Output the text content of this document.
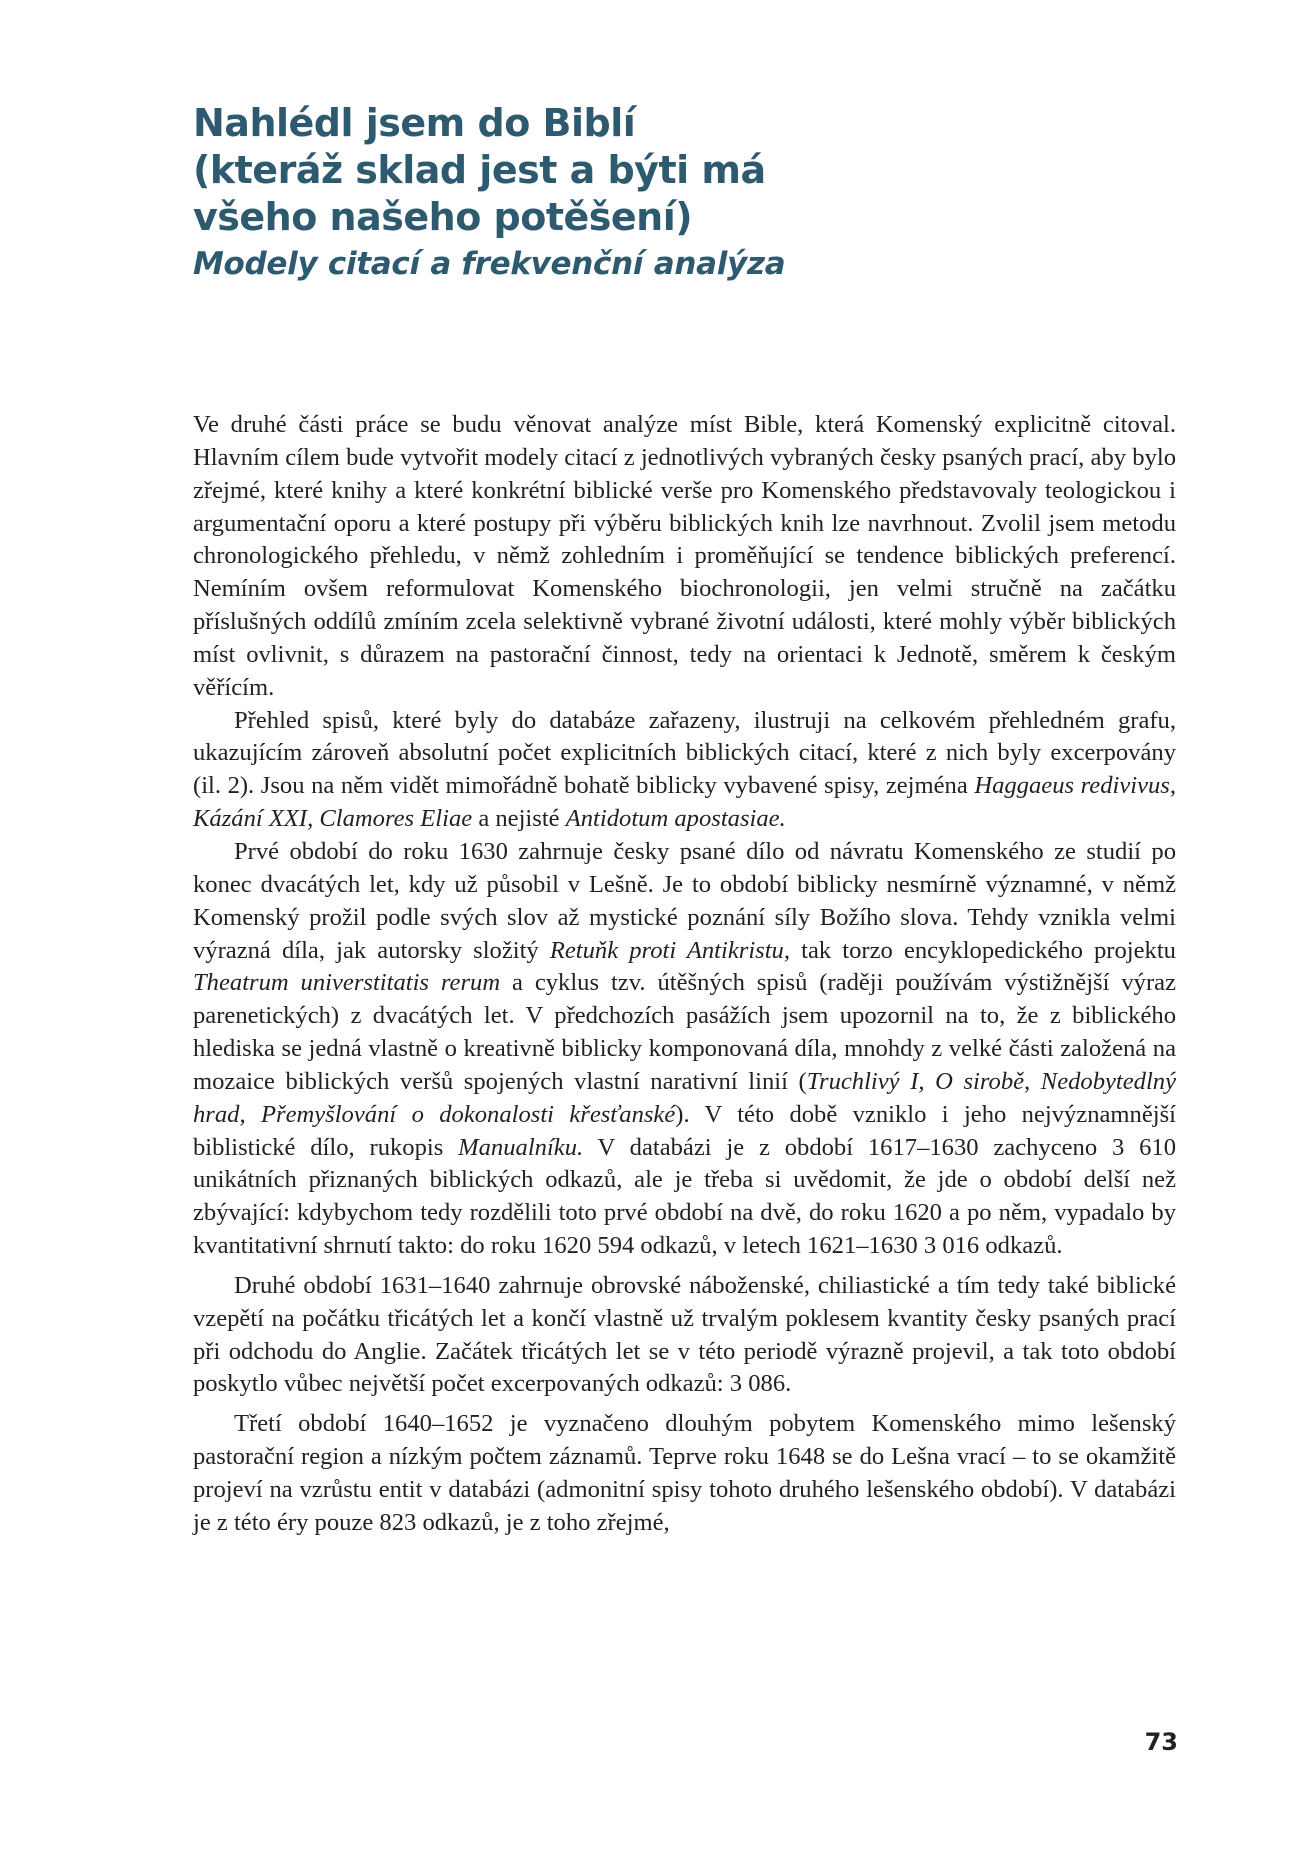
Nahlédl jsem do Biblí
(kteráž sklad jest a býti má
všeho našeho potěšení)
Modely citací a frekvenční analýza

Ve druhé části práce se budu věnovat analýze míst Bible, která Komenský explicitně citoval. Hlavním cílem bude vytvořit modely citací z jednotlivých vybraných česky psaných prací, aby bylo zřejmé, které knihy a které konkrétní biblické verše pro Komenského představovaly teologickou i argumentační oporu a které postupy při výběru biblických knih lze navrhnout. Zvolil jsem metodu chronologického přehledu, v němž zohledním i proměňující se tendence biblických preferencí. Nemíním ovšem reformulovat Komenského biochronologii, jen velmi stručně na začátku příslušných oddílů zmíním zcela selektivně vybrané životní události, které mohly výběr biblických míst ovlivnit, s důrazem na pastorační činnost, tedy na orientaci k Jednotě, směrem k českým věřícím.

Přehled spisů, které byly do databáze zařazeny, ilustruji na celkovém přehledném grafu, ukazujícím zároveň absolutní počet explicitních biblických citací, které z nich byly excerpovány (il. 2). Jsou na něm vidět mimořádně bohatě biblicky vybavené spisy, zejména Haggaeus redivivus, Kázání XXI, Clamores Eliae a nejisté Antidotum apostasiae.

Prvé období do roku 1630 zahrnuje česky psané dílo od návratu Komenského ze studií po konec dvacátých let, kdy už působil v Lešně. Je to období biblicky nesmírně významné, v němž Komenský prožil podle svých slov až mystické poznání síly Božího slova. Tehdy vznikla velmi výrazná díla, jak autorsky složitý Retuňk proti Antikristu, tak torzo encyklopedického projektu Theatrum universtitatis rerum a cyklus tzv. útěšných spisů (raději používám výstižnější výraz parenetických) z dvacátých let. V předchozích pasážích jsem upozornil na to, že z biblického hlediska se jedná vlastně o kreativně biblicky komponovaná díla, mnohdy z velké části založená na mozaice biblických veršů spojených vlastní narativní linií (Truchlivý I, O sirobě, Nedobytedlný hrad, Přemyšlování o dokonalosti křesťanské). V této době vzniklo i jeho nejvýznamnější biblistické dílo, rukopis Manualníku. V databázi je z období 1617–1630 zachyceno 3 610 unikátních přiznaných biblických odkazů, ale je třeba si uvědomit, že jde o období delší než zbývající: kdybychom tedy rozdělili toto prvé období na dvě, do roku 1620 a po něm, vypadalo by kvantitativní shrnutí takto: do roku 1620 594 odkazů, v letech 1621–1630 3 016 odkazů.

Druhé období 1631–1640 zahrnuje obrovské náboženské, chiliastické a tím tedy také biblické vzepětí na počátku třicátých let a končí vlastně už trvalým poklesem kvantity česky psaných prací při odchodu do Anglie. Začátek třicátých let se v této periodě výrazně projevil, a tak toto období poskytlo vůbec největší počet excerpovaných odkazů: 3 086.

Třetí období 1640–1652 je vyznačeno dlouhým pobytem Komenského mimo lešenský pastorační region a nízkým počtem záznamů. Teprve roku 1648 se do Lešna vrací – to se okamžitě projeví na vzrůstu entit v databázi (admonitní spisy tohoto druhého lešenského období). V databázi je z této éry pouze 823 odkazů, je z toho zřejmé,

73
